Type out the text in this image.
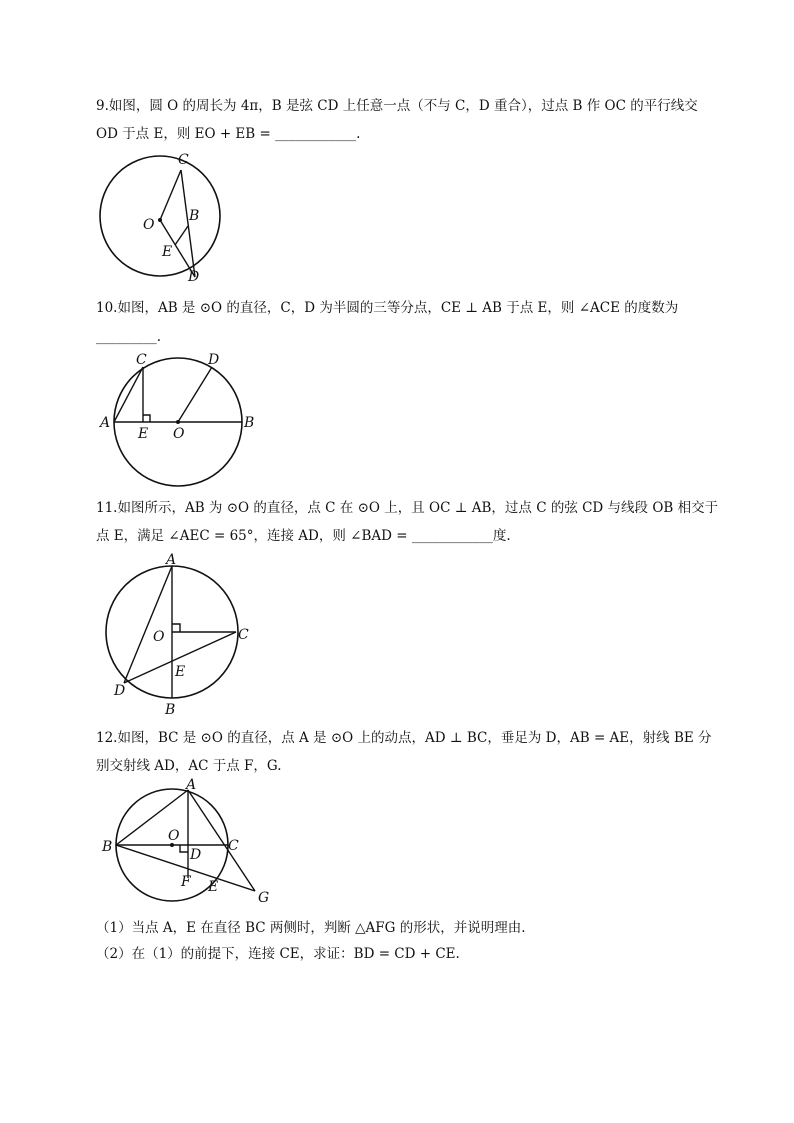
9.如图，圆 O 的周长为 4π，B 是弦 CD 上任意一点（不与 C，D 重合），过点 B 作 OC 的平行线交
OD 于点 E，则 EO + EB = ____________.
C
O
B
E
D
10.如图，AB 是 ⊙O 的直径，C，D 为半圆的三等分点，CE ⊥ AB 于点 E，则 ∠ACE 的度数为
_________.
C	D
A
E O
B
11.如图所示，AB 为 ⊙O 的直径，点 C 在 ⊙O 上，且 OC ⊥ AB，过点 C 的弦 CD 与线段 OB 相交于
点 E，满足 ∠AEC = 65°，连接 AD，则 ∠BAD = ____________度.
A
O	C
E
D
B
12.如图，BC 是 ⊙O 的直径，点 A 是 ⊙O 上的动点，AD ⊥ BC，垂足为 D，AB = AE，射线 BE 分
别交射线 AD，AC 于点 F，G.
A
O
B	D
C
F E
G
（1）当点 A，E 在直径 BC 两侧时，判断 △AFG 的形状，并说明理由.
（2）在（1）的前提下，连接 CE，求证：BD = CD + CE.
